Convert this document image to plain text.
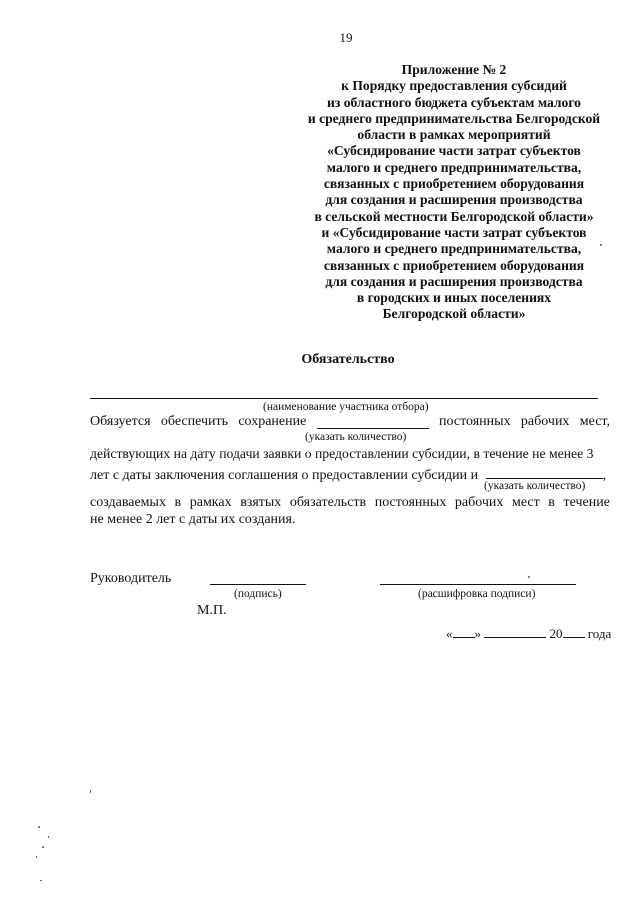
19
Приложение № 2
к Порядку предоставления субсидий
из областного бюджета субъектам малого
и среднего предпринимательства Белгородской
области в рамках мероприятий
«Субсидирование части затрат субъектов
малого и среднего предпринимательства,
связанных с приобретением оборудования
для создания и расширения производства
в сельской местности Белгородской области»
и «Субсидирование части затрат субъектов
малого и среднего предпринимательства,
связанных с приобретением оборудования
для создания и расширения производства
в городских и иных поселениях
Белгородской области»
Обязательство
(наименование участника отбора)
Обязуется обеспечить сохранение	постоянных рабочих мест,
(указать количество)
действующих на дату подачи заявки о предоставлении субсидии, в течение не менее 3
лет с даты заключения соглашения о предоставлении субсидии и	,
(указать количество)
создаваемых в рамках взятых обязательств постоянных рабочих мест в течение
не менее 2 лет с даты их создания.
Руководитель
(подпись)	(расшифровка подписи)
М.П.
« »	20 года
